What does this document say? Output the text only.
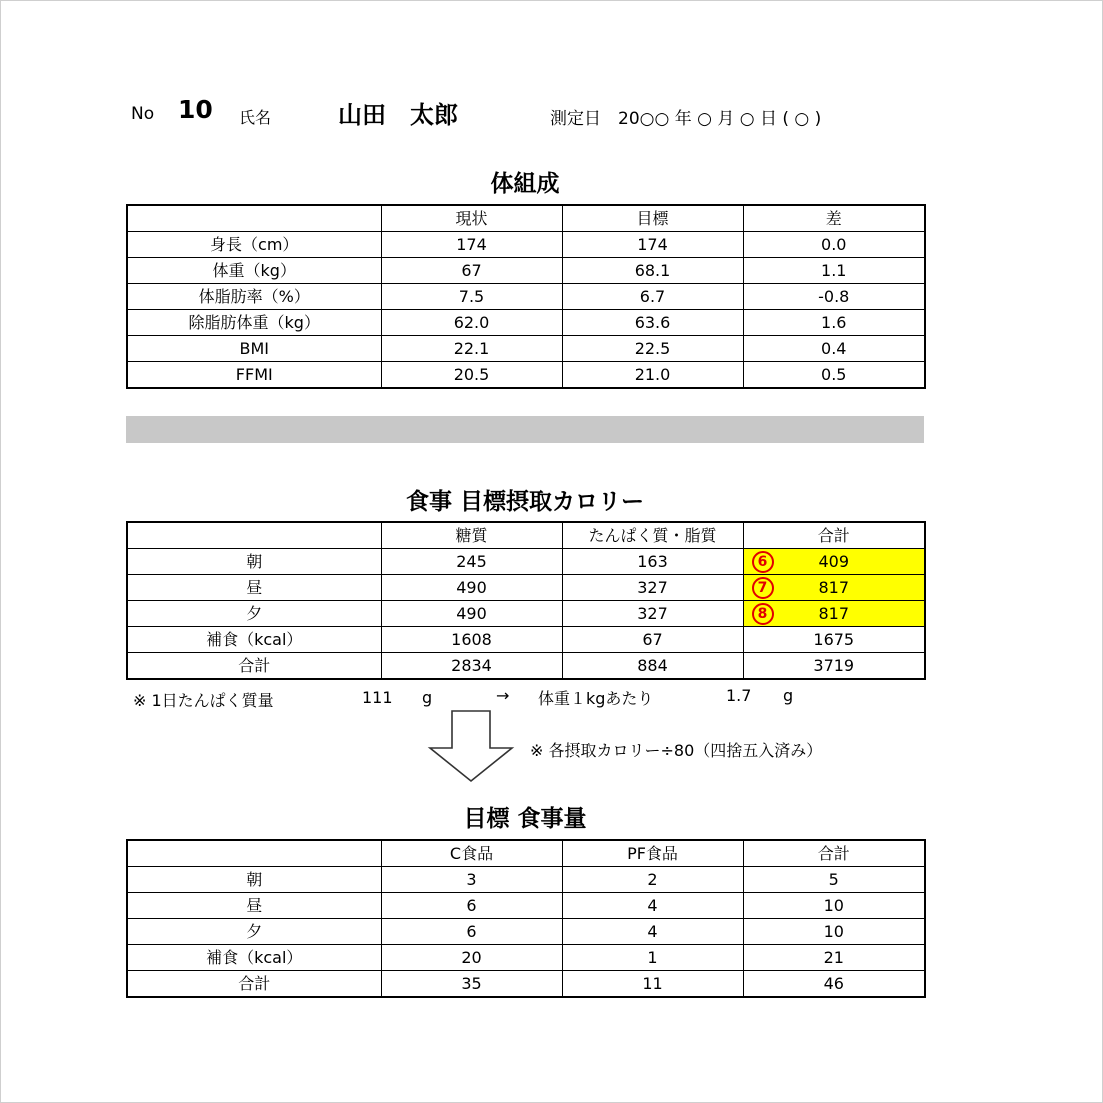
No 10 氏名	山田　太郎	測定日　20○○ 年 ○ 月 ○ 日 ( ○ )
体組成
	現状	目標	差
身長（cm）	174	174	0.0
体重（kg）	67	68.1	1.1
体脂肪率（%）	7.5	6.7	-0.8
除脂肪体重（kg）	62.0	63.6	1.6
BMI	22.1	22.5	0.4
FFMI	20.5	21.0	0.5
食事 目標摂取カロリー
	糖質	たんぱく質・脂質	合計
朝	245	163	6 409
昼	490	327	7 817
夕	490	327	8 817
補食（kcal）	1608	67	1675
合計	2834	884	3719
※ 1日たんぱく質量	111 g	→ 体重１kgあたり	1.7 g
※ 各摂取カロリー÷80（四捨五入済み）
目標 食事量
	C食品	PF食品	合計
朝	3	2	5
昼	6	4	10
夕	6	4	10
補食（kcal）	20	1	21
合計	35	11	46
